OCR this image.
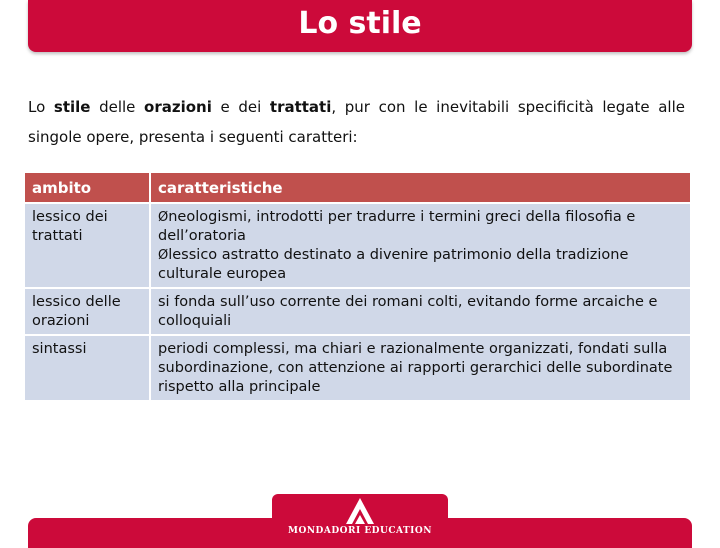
Lo stile
Lo stile delle orazioni e dei trattati, pur con le inevitabili specificità legate alle singole opere, presenta i seguenti caratteri:
ambito	caratteristiche
lessico dei trattati	Øneologismi, introdotti per tradurre i termini greci della filosofia e dell’oratoria
Ølessico astratto destinato a divenire patrimonio della tradizione culturale europea

lessico delle orazioni	si fonda sull’uso corrente dei romani colti, evitando forme arcaiche e colloquiali
sintassi	periodi complessi, ma chiari e razionalmente organizzati, fondati sulla subordinazione, con attenzione ai rapporti gerarchici delle subordinate rispetto alla principale
MONDADORI EDUCATION
